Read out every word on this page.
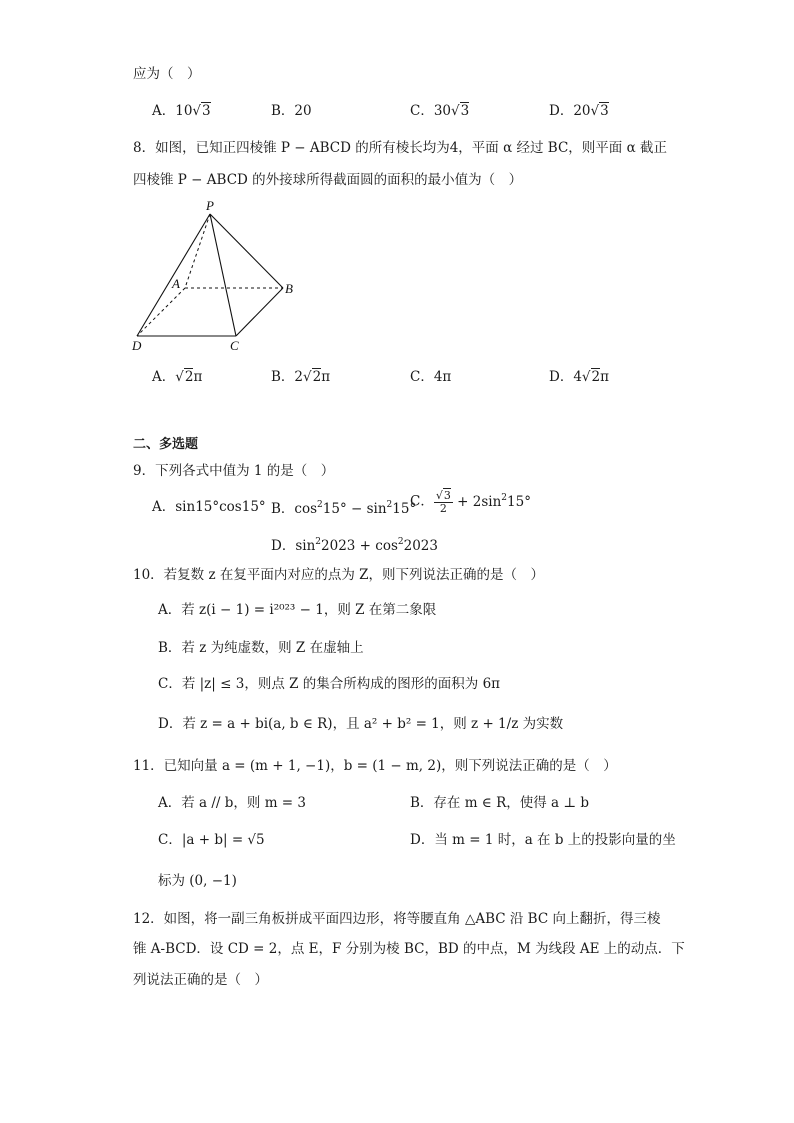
应为（　）
A．10√3	B．20	C．30√3	D．20√3
8．如图，已知正四棱锥 P − ABCD 的所有棱长均为4，平面 α 经过 BC，则平面 α 截正
四棱锥 P − ABCD 的外接球所得截面圆的面积的最小值为（　）
P
A	B
C
D
A．√2π	B．2√2π	C．4π	D．4√2π
二、多选题
9．下列各式中值为 1 的是（　）
A．sin15°cos15° B．$\cos^215^\circ - \sin^215^\circ$
C． $\frac{√3}{2} + 2\sin^215^\circ$
D．$\sin^22023 + \cos^22023$
10．若复数 z 在复平面内对应的点为 Z，则下列说法正确的是（　）
A．若 z(i − 1) = i²⁰²³ − 1，则 Z 在第二象限
B．若 z 为纯虚数，则 Z 在虚轴上
C．若 |z| ≤ 3，则点 Z 的集合所构成的图形的面积为 6π
D．若 z = a + bi(a, b ∈ R)，且 a² + b² = 1，则 z + 1/z 为实数
11．已知向量 a = (m + 1, −1)，b = (1 − m, 2)，则下列说法正确的是（　）
A．若 a // b，则 m = 3	B．存在 m ∈ R，使得 a ⊥ b
C．|a + b| = √5	D．当 m = 1 时，a 在 b 上的投影向量的坐
标为 (0, −1)
12．如图，将一副三角板拼成平面四边形，将等腰直角 △ABC 沿 BC 向上翻折，得三棱
锥 A-BCD．设 CD = 2，点 E，F 分别为棱 BC，BD 的中点，M 为线段 AE 上的动点．下
列说法正确的是（　）
